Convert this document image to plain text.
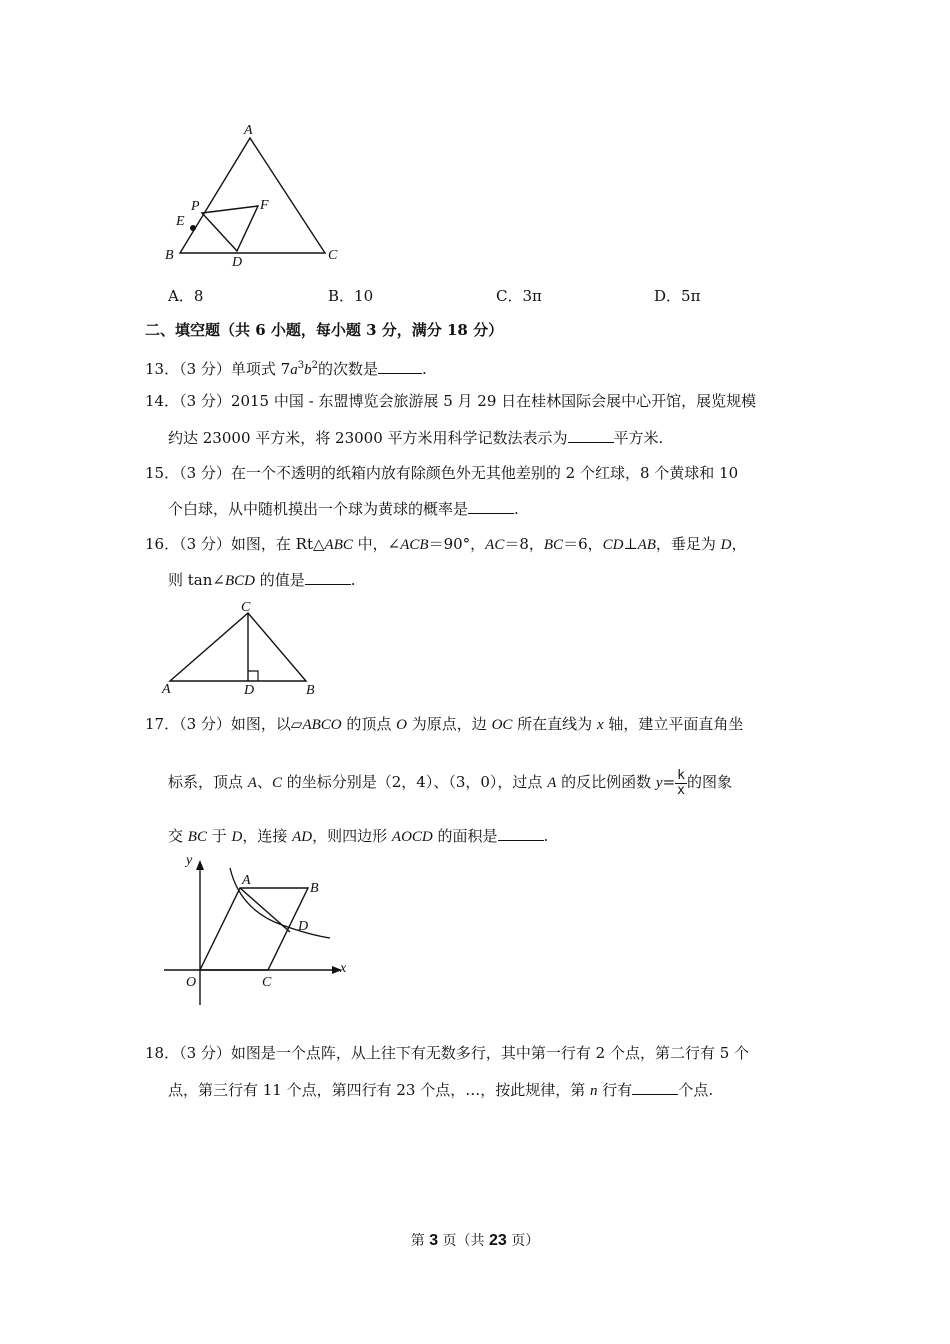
A
P
E
F
B	D	C
A．8	B．10	C．3π	D．5π
二、填空题（共 6 小题，每小题 3 分，满分 18 分）
13．（3 分）单项式 $7a^3b^2$的次数是	.
14．（3 分）2015 中国 - 东盟博览会旅游展 5 月 29 日在桂林国际会展中心开馆，展览规模
约达 23000 平方米，将 23000 平方米用科学记数法表示为	平方米.
15．（3 分）在一个不透明的纸箱内放有除颜色外无其他差别的 2 个红球，8 个黄球和 10
个白球，从中随机摸出一个球为黄球的概率是	.
16．（3 分）如图，在 Rt△ABC 中，∠ACB＝90°，AC＝8，BC＝6，CD⊥AB，垂足为 D，
则 tan∠BCD 的值是	.
C
A	D	B
17．（3 分）如图，以▱ABCO 的顶点 O 为原点，边 OC 所在直线为 x 轴，建立平面直角坐
标系，顶点 A、C 的坐标分别是（2，4）、（3，0），过点 A 的反比例函数 $y= \frac{k}{x}$ 的图象
交 BC 于 D，连接 AD，则四边形 AOCD 的面积是	.
y
x
O
A
B
D
C
18．（3 分）如图是一个点阵，从上往下有无数多行，其中第一行有 2 个点，第二行有 5 个
点，第三行有 11 个点，第四行有 23 个点，…，按此规律，第 n 行有	个点.
第 3 页（共 23 页）
